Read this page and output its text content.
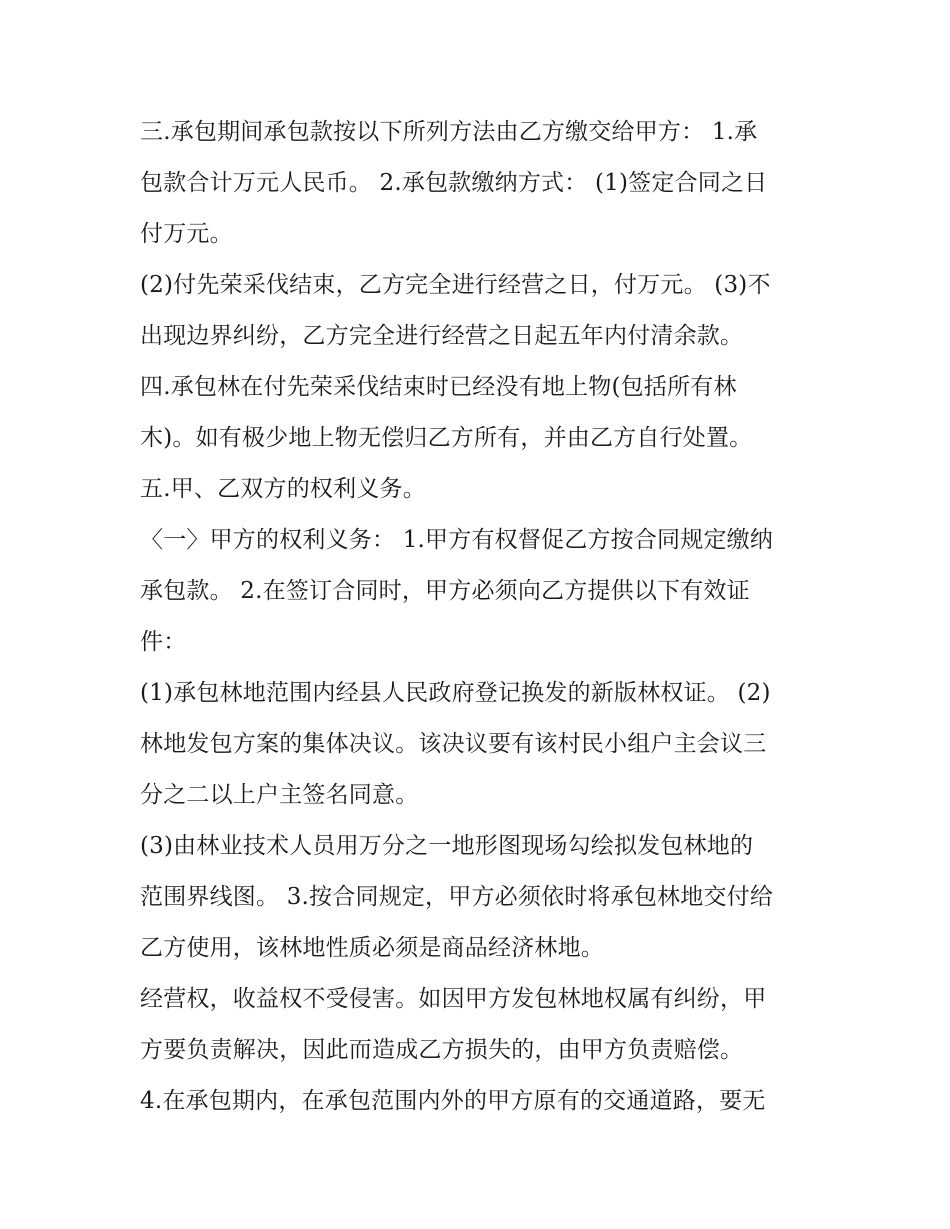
三.承包期间承包款按以下所列方法由乙方缴交给甲方： 1.承
包款合计万元人民币。 2.承包款缴纳方式： (1)签定合同之日
付万元。
(2)付先荣采伐结束，乙方完全进行经营之日，付万元。 (3)不
出现边界纠纷，乙方完全进行经营之日起五年内付清余款。
四.承包林在付先荣采伐结束时已经没有地上物(包括所有林
木)。如有极少地上物无偿归乙方所有，并由乙方自行处置。
五.甲、乙双方的权利义务。
〈一〉甲方的权利义务： 1.甲方有权督促乙方按合同规定缴纳
承包款。 2.在签订合同时，甲方必须向乙方提供以下有效证
件：
(1)承包林地范围内经县人民政府登记换发的新版林权证。 (2)
林地发包方案的集体决议。该决议要有该村民小组户主会议三
分之二以上户主签名同意。
(3)由林业技术人员用万分之一地形图现场勾绘拟发包林地的
范围界线图。 3.按合同规定，甲方必须依时将承包林地交付给
乙方使用，该林地性质必须是商品经济林地。
经营权，收益权不受侵害。如因甲方发包林地权属有纠纷，甲
方要负责解决，因此而造成乙方损失的，由甲方负责赔偿。
4.在承包期内，在承包范围内外的甲方原有的交通道路，要无
